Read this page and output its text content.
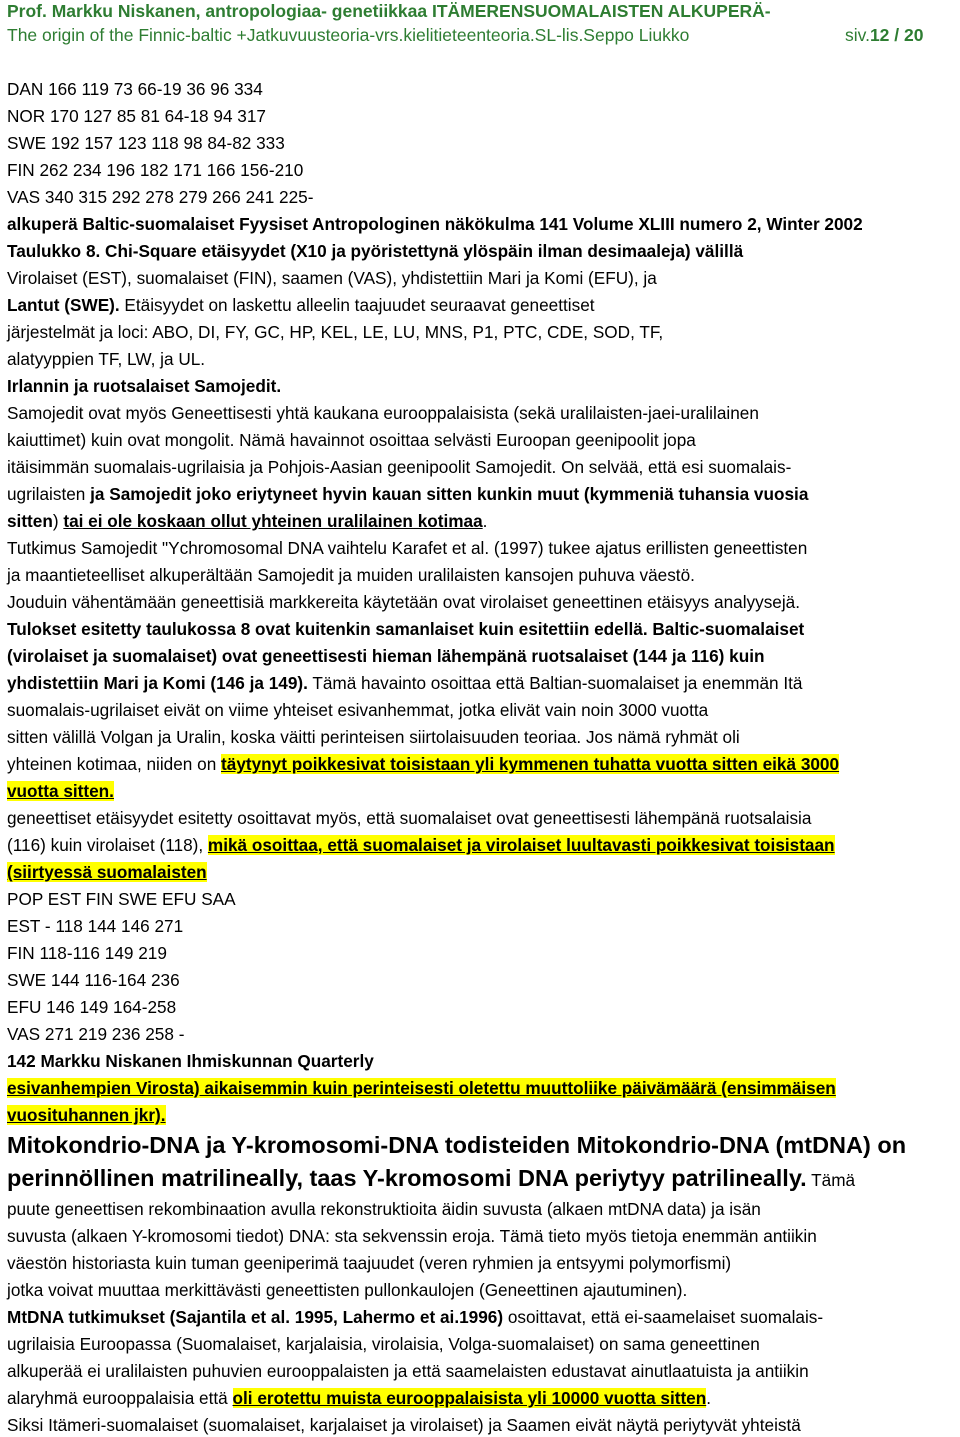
Prof. Markku Niskanen, antropologiaa- genetiikkaa ITÄMERENSUOMALAISTEN ALKUPERÄ-
The origin of the Finnic-baltic +Jatkuvuusteoria-vrs.kielitieteenteoria.SL-lis.Seppo Liukko	siv.12 / 20
DAN 166 119 73 66-19 36 96 334
NOR 170 127 85 81 64-18 94 317
SWE 192 157 123 118 98 84-82 333
FIN 262 234 196 182 171 166 156-210
VAS 340 315 292 278 279 266 241 225-
alkuperä Baltic-suomalaiset Fyysiset Antropologinen näkökulma 141 Volume XLIII numero 2, Winter 2002
Taulukko 8. Chi-Square etäisyydet (X10 ja pyöristettynä ylöspäin ilman desimaaleja) välillä
Virolaiset (EST), suomalaiset (FIN), saamen (VAS), yhdistettiin Mari ja Komi (EFU), ja
Lantut (SWE). Etäisyydet on laskettu alleelin taajuudet seuraavat geneettiset
järjestelmät ja loci: ABO, DI, FY, GC, HP, KEL, LE, LU, MNS, P1, PTC, CDE, SOD, TF,
alatyyppien TF, LW, ja UL.
Irlannin ja ruotsalaiset Samojedit.
Samojedit ovat myös Geneettisesti yhtä kaukana eurooppalaisista (sekä uralilaisten-jaei-uralilainen
kaiuttimet) kuin ovat mongolit. Nämä havainnot osoittaa selvästi Euroopan geenipoolit jopa
itäisimmän suomalais-ugrilaisia ja Pohjois-Aasian geenipoolit Samojedit. On selvää, että esi suomalais-
ugrilaisten ja Samojedit joko eriytyneet hyvin kauan sitten kunkin muut (kymmeniä tuhansia vuosia
sitten) tai ei ole koskaan ollut yhteinen uralilainen kotimaa.
Tutkimus Samojedit "Ychromosomal DNA vaihtelu Karafet et al. (1997) tukee ajatus erillisten geneettisten
ja maantieteelliset alkuperältään Samojedit ja muiden uralilaisten kansojen puhuva väestö.
Jouduin vähentämään geneettisiä markkereita käytetään ovat virolaiset geneettinen etäisyys analyysejä.
Tulokset esitetty taulukossa 8 ovat kuitenkin samanlaiset kuin esitettiin edellä. Baltic-suomalaiset
(virolaiset ja suomalaiset) ovat geneettisesti hieman lähempänä ruotsalaiset (144 ja 116) kuin
yhdistettiin Mari ja Komi (146 ja 149). Tämä havainto osoittaa että Baltian-suomalaiset ja enemmän Itä
suomalais-ugrilaiset eivät on viime yhteiset esivanhemmat, jotka elivät vain noin 3000 vuotta
sitten välillä Volgan ja Uralin, koska väitti perinteisen siirtolaisuuden teoriaa. Jos nämä ryhmät oli
yhteinen kotimaa, niiden on täytynyt poikkesivat toisistaan yli kymmenen tuhatta vuotta sitten eikä 3000
vuotta sitten.
geneettiset etäisyydet esitetty osoittavat myös, että suomalaiset ovat geneettisesti lähempänä ruotsalaisia
(116) kuin virolaiset (118), mikä osoittaa, että suomalaiset ja virolaiset luultavasti poikkesivat toisistaan
(siirtyessä suomalaisten
POP EST FIN SWE EFU SAA
EST - 118 144 146 271
FIN 118-116 149 219
SWE 144 116-164 236
EFU 146 149 164-258
VAS 271 219 236 258 -
142 Markku Niskanen Ihmiskunnan Quarterly
esivanhempien Virosta) aikaisemmin kuin perinteisesti oletettu muuttoliike päivämäärä (ensimmäisen
vuosituhannen jkr).
Mitokondrio-DNA ja Y-kromosomi-DNA todisteiden Mitokondrio-DNA (mtDNA) on
perinnöllinen matrilineally, taas Y-kromosomi DNA periytyy patrilineally. Tämä
puute geneettisen rekombinaation avulla rekonstruktioita äidin suvusta (alkaen mtDNA data) ja isän
suvusta (alkaen Y-kromosomi tiedot) DNA: sta sekvenssin eroja. Tämä tieto myös tietoja enemmän antiikin
väestön historiasta kuin tuman geeniperimä taajuudet (veren ryhmien ja entsyymi polymorfismi)
jotka voivat muuttaa merkittävästi geneettisten pullonkaulojen (Geneettinen ajautuminen).
MtDNA tutkimukset (Sajantila et al. 1995, Lahermo et ai.1996) osoittavat, että ei-saamelaiset suomalais-
ugrilaisia Euroopassa (Suomalaiset, karjalaisia, virolaisia, Volga-suomalaiset) on sama geneettinen
alkuperää ei uralilaisten puhuvien eurooppalaisten ja että saamelaisten edustavat ainutlaatuista ja antiikin
alaryhmä eurooppalaisia että oli erotettu muista eurooppalaisista yli 10000 vuotta sitten.
Siksi Itämeri-suomalaiset (suomalaiset, karjalaiset ja virolaiset) ja Saamen eivät näytä periytyvät yhteistä
